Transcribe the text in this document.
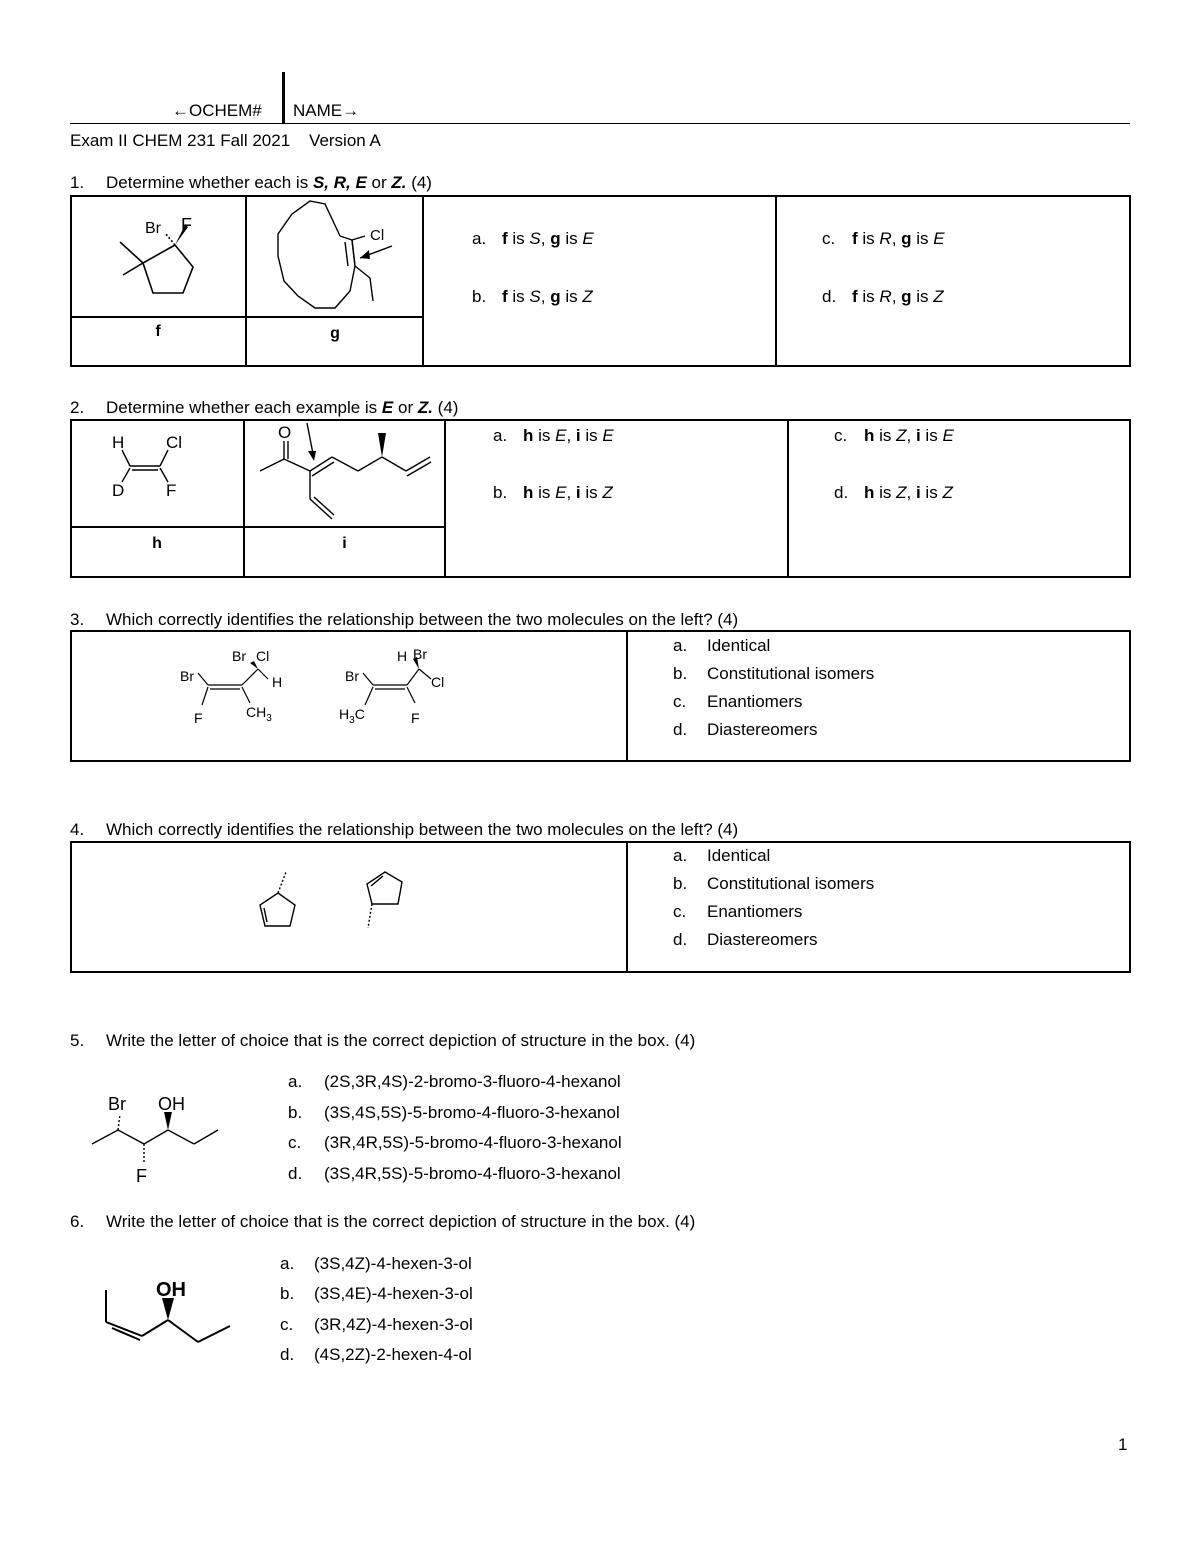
←OCHEM# NAME→
Exam II CHEM 231 Fall 2021    Version A
1. Determine whether each is S, R, E or Z. (4)
f	g
Br F
Cl	a. f is S, g is E
b. f is S, g is Z
c. f is R, g is E
d. f is R, g is Z
2. Determine whether each example is E or Z. (4)
h	i
H Cl
D F
O	a. h is E, i is E
b. h is E, i is Z
c. h is Z, i is E
d. h is Z, i is Z
3. Which correctly identifies the relationship between the two molecules on the left? (4)
Br
Br Cl
H
F	$CH_3$
Br
H Br
Cl
$H_3C$	F
a. Identical
b. Constitutional isomers
c. Enantiomers
d. Diastereomers
4. Which correctly identifies the relationship between the two molecules on the left? (4)
a. Identical
b. Constitutional isomers
c. Enantiomers
d. Diastereomers
5. Write the letter of choice that is the correct depiction of structure in the box. (4)
Br OH
F
a. (2S,3R,4S)-2-bromo-3-fluoro-4-hexanol
b. (3S,4S,5S)-5-bromo-4-fluoro-3-hexanol
c. (3R,4R,5S)-5-bromo-4-fluoro-3-hexanol
d. (3S,4R,5S)-5-bromo-4-fluoro-3-hexanol
6. Write the letter of choice that is the correct depiction of structure in the box. (4)
OH
a. (3S,4Z)-4-hexen-3-ol
b. (3S,4E)-4-hexen-3-ol
c. (3R,4Z)-4-hexen-3-ol
d. (4S,2Z)-2-hexen-4-ol
1
